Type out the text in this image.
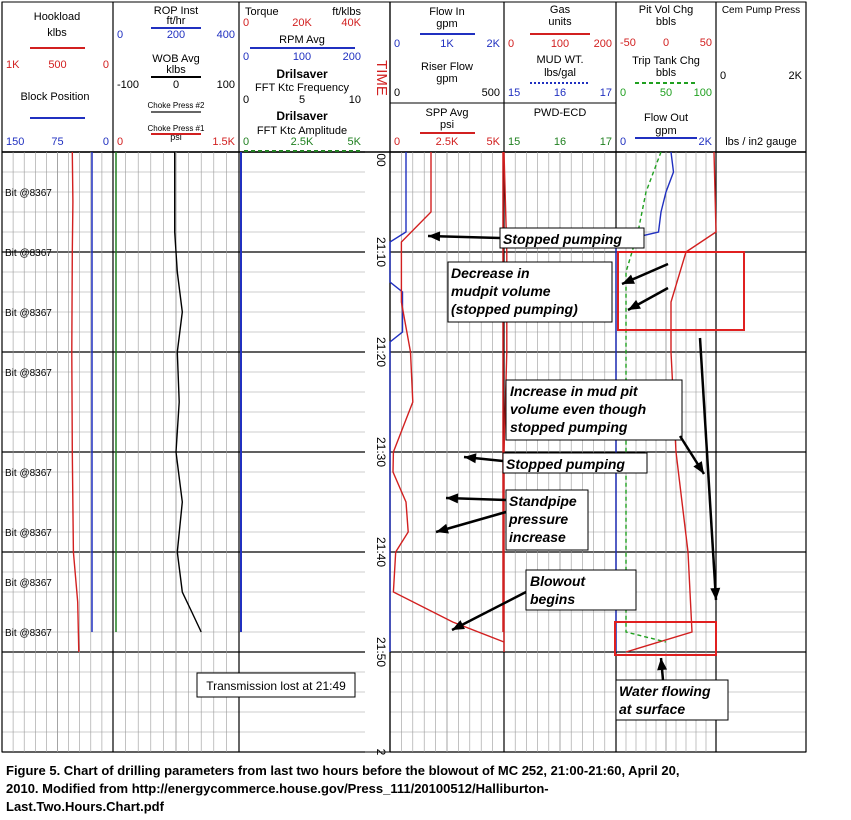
00
21:10
21:20
21:30
21:40
21:50
2
TIME
Hookload
klbs
1K	500	0
Block Position
150 75	0
ROP Inst
ft/hr
0	200	400
WOB Avg
klbs
-100	0	100
Choke Press #2
Choke Press #1
psi
0	1.5K
Torque	ft/klbs
0	20K	40K
RPM Avg
0	100	200
Drilsaver
FFT Ktc Frequency
0	5	10
Drilsaver
FFT Ktc Amplitude
0	2.5K	5K
Flow In
gpm
0	1K	2K
Riser Flow
gpm
0	500
SPP Avg
psi
0	2.5K	5K
Gas
units
0	100 200
MUD WT.
lbs/gal
15	16	17
PWD-ECD
15	16	17
Pit Vol Chg
bbls
-50 0	50
Trip Tank Chg
bbls
0	50 100
Flow Out
gpm
0	2K
Cem Pump Press
0	2K
lbs / in2 gauge
Bit @8367
Bit @8367
Bit @8367
Bit @8367
Bit @8367
Bit @8367
Bit @8367
Bit @8367
Stopped pumping
Decrease in
mudpit volume
(stopped pumping)
Increase in mud pit
volume even though
stopped pumping
Stopped pumping
Standpipe
pressure
increase
Blowout
begins
Water flowing
at surface
Transmission lost at 21:49
Figure 5. Chart of drilling parameters from last two hours before the blowout of MC 252, 21:00-21:60, April 20,
2010. Modified from http://energycommerce.house.gov/Press_111/20100512/Halliburton-
Last.Two.Hours.Chart.pdf
